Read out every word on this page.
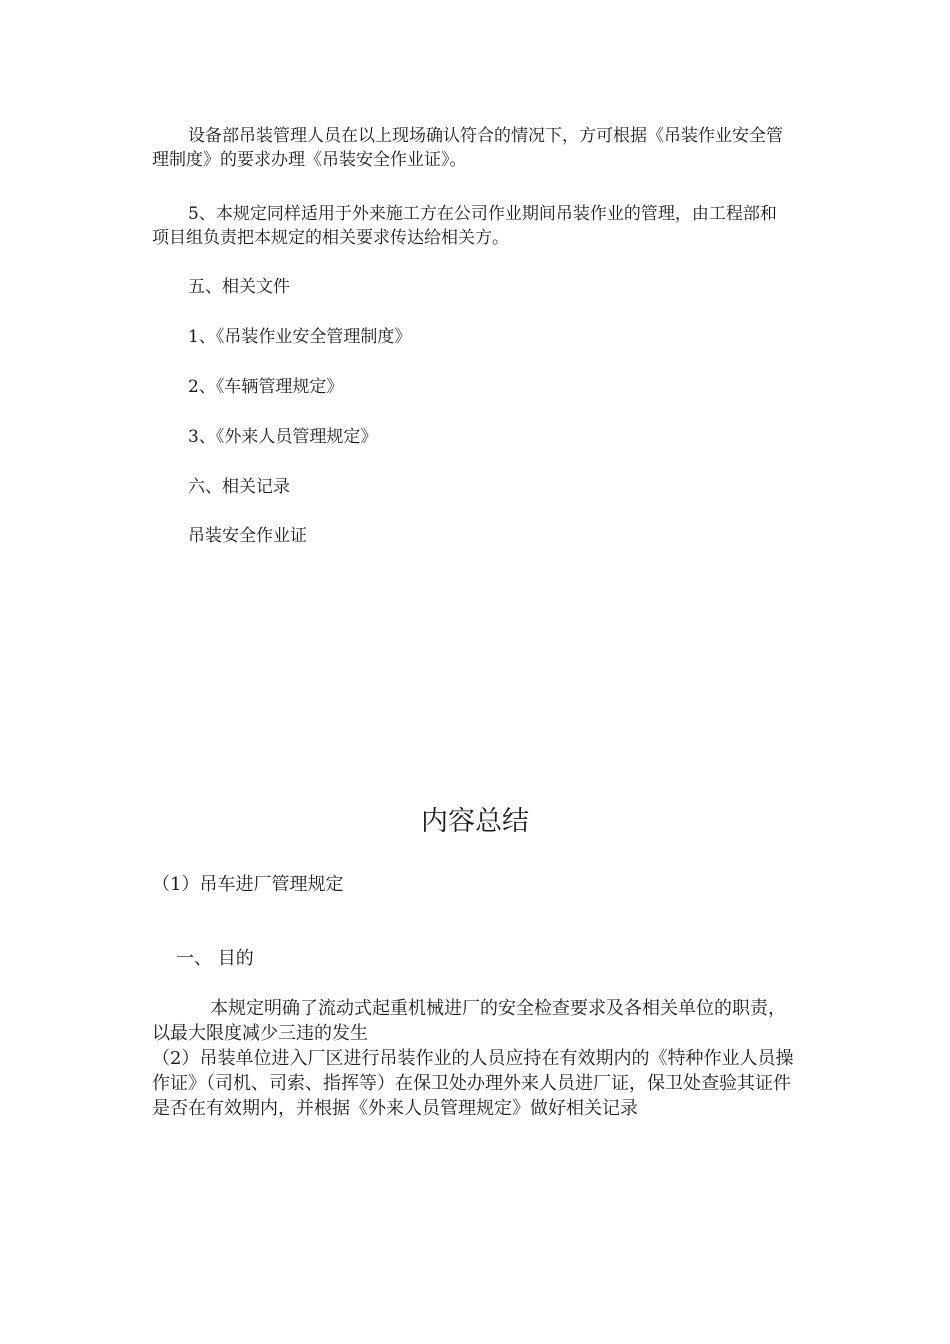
设备部吊装管理人员在以上现场确认符合的情况下，方可根据《吊装作业安全管理制度》的要求办理《吊装安全作业证》。

5、本规定同样适用于外来施工方在公司作业期间吊装作业的管理，由工程部和项目组负责把本规定的相关要求传达给相关方。

五、相关文件

1、《吊装作业安全管理制度》

2、《车辆管理规定》

3、《外来人员管理规定》

六、相关记录

吊装安全作业证

内容总结

（1）吊车进厂管理规定

一、 目的

本规定明确了流动式起重机械进厂的安全检查要求及各相关单位的职责，以最大限度减少三违的发生

（2）吊装单位进入厂区进行吊装作业的人员应持在有效期内的《特种作业人员操作证》（司机、司索、指挥等）在保卫处办理外来人员进厂证，保卫处查验其证件是否在有效期内，并根据《外来人员管理规定》做好相关记录
